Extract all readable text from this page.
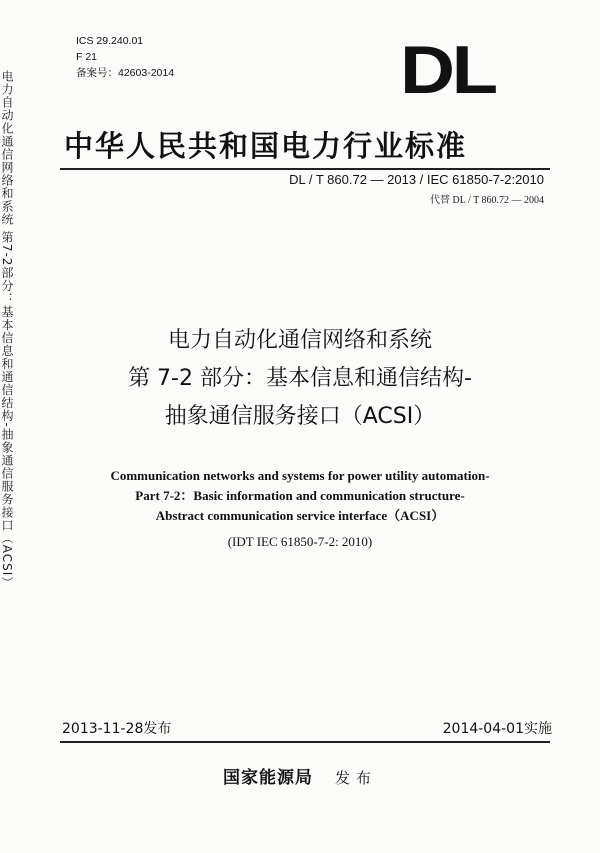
电力自动化通信网络和系统 第7-2部分：基本信息和通信结构-抽象通信服务接口（ACSI）
ICS 29.240.01
F 21
备案号：42603-2014	DL
中华人民共和国电力行业标准
DL / T 860.72 — 2013 / IEC 61850-7-2:2010
代替 DL / T 860.72 — 2004
电力自动化通信网络和系统
第 7-2 部分：基本信息和通信结构-
抽象通信服务接口（ACSI）
Communication networks and systems for power utility automation-
Part 7-2：Basic information and communication structure-
Abstract communication service interface（ACSI）
(IDT IEC 61850-7-2: 2010)
2013-11-28发布	2014-04-01实施
国家能源局 发布
